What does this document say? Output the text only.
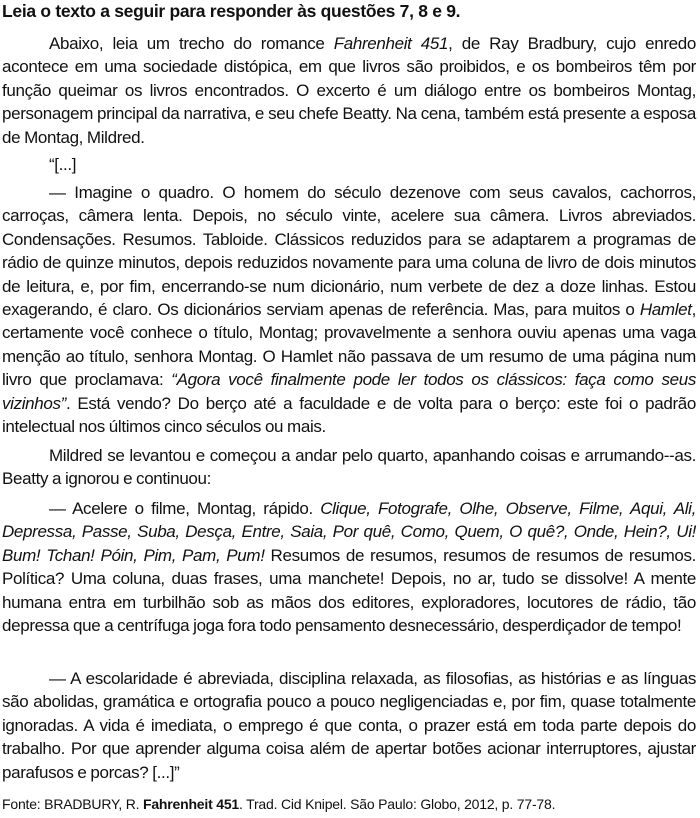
Leia o texto a seguir para responder às questões 7, 8 e 9.
Abaixo, leia um trecho do romance Fahrenheit 451, de Ray Bradbury, cujo enredo acontece em uma sociedade distópica, em que livros são proibidos, e os bombeiros têm por função queimar os livros encontrados. O excerto é um diálogo entre os bombeiros Montag, personagem principal da narrativa, e seu chefe Beatty. Na cena, também está presente a esposa de Montag, Mildred.
“[...]
— Imagine o quadro. O homem do século dezenove com seus cavalos, cachorros, carroças, câmera lenta. Depois, no século vinte, acelere sua câmera. Livros abreviados. Condensações. Resumos. Tabloide. Clássicos reduzidos para se adaptarem a programas de rádio de quinze minutos, depois reduzidos novamente para uma coluna de livro de dois minutos de leitura, e, por fim, encerrando-se num dicionário, num verbete de dez a doze linhas. Estou exagerando, é claro. Os dicionários serviam apenas de referência. Mas, para muitos o Hamlet, certamente você conhece o título, Montag; provavelmente a senhora ouviu apenas uma vaga menção ao título, senhora Montag. O Hamlet não passava de um resumo de uma página num livro que proclamava: “Agora você finalmente pode ler todos os clássicos: faça como seus vizinhos”. Está vendo? Do berço até a faculdade e de volta para o berço: este foi o padrão intelectual nos últimos cinco séculos ou mais.
Mildred se levantou e começou a andar pelo quarto, apanhando coisas e arrumando--as. Beatty a ignorou e continuou:
— Acelere o filme, Montag, rápido. Clique, Fotografe, Olhe, Observe, Filme, Aqui, Ali, Depressa, Passe, Suba, Desça, Entre, Saia, Por quê, Como, Quem, O quê?, Onde, Hein?, Ui! Bum! Tchan! Póin, Pim, Pam, Pum! Resumos de resumos, resumos de resumos de resumos. Política? Uma coluna, duas frases, uma manchete! Depois, no ar, tudo se dissolve! A mente humana entra em turbilhão sob as mãos dos editores, exploradores, locutores de rádio, tão depressa que a centrífuga joga fora todo pensamento desnecessário, desperdiçador de tempo!
— A escolaridade é abreviada, disciplina relaxada, as filosofias, as histórias e as línguas são abolidas, gramática e ortografia pouco a pouco negligenciadas e, por fim, quase totalmente ignoradas. A vida é imediata, o emprego é que conta, o prazer está em toda parte depois do trabalho. Por que aprender alguma coisa além de apertar botões acionar interruptores, ajustar parafusos e porcas? [...]”
Fonte: BRADBURY, R. Fahrenheit 451. Trad. Cid Knipel. São Paulo: Globo, 2012, p. 77-78.
